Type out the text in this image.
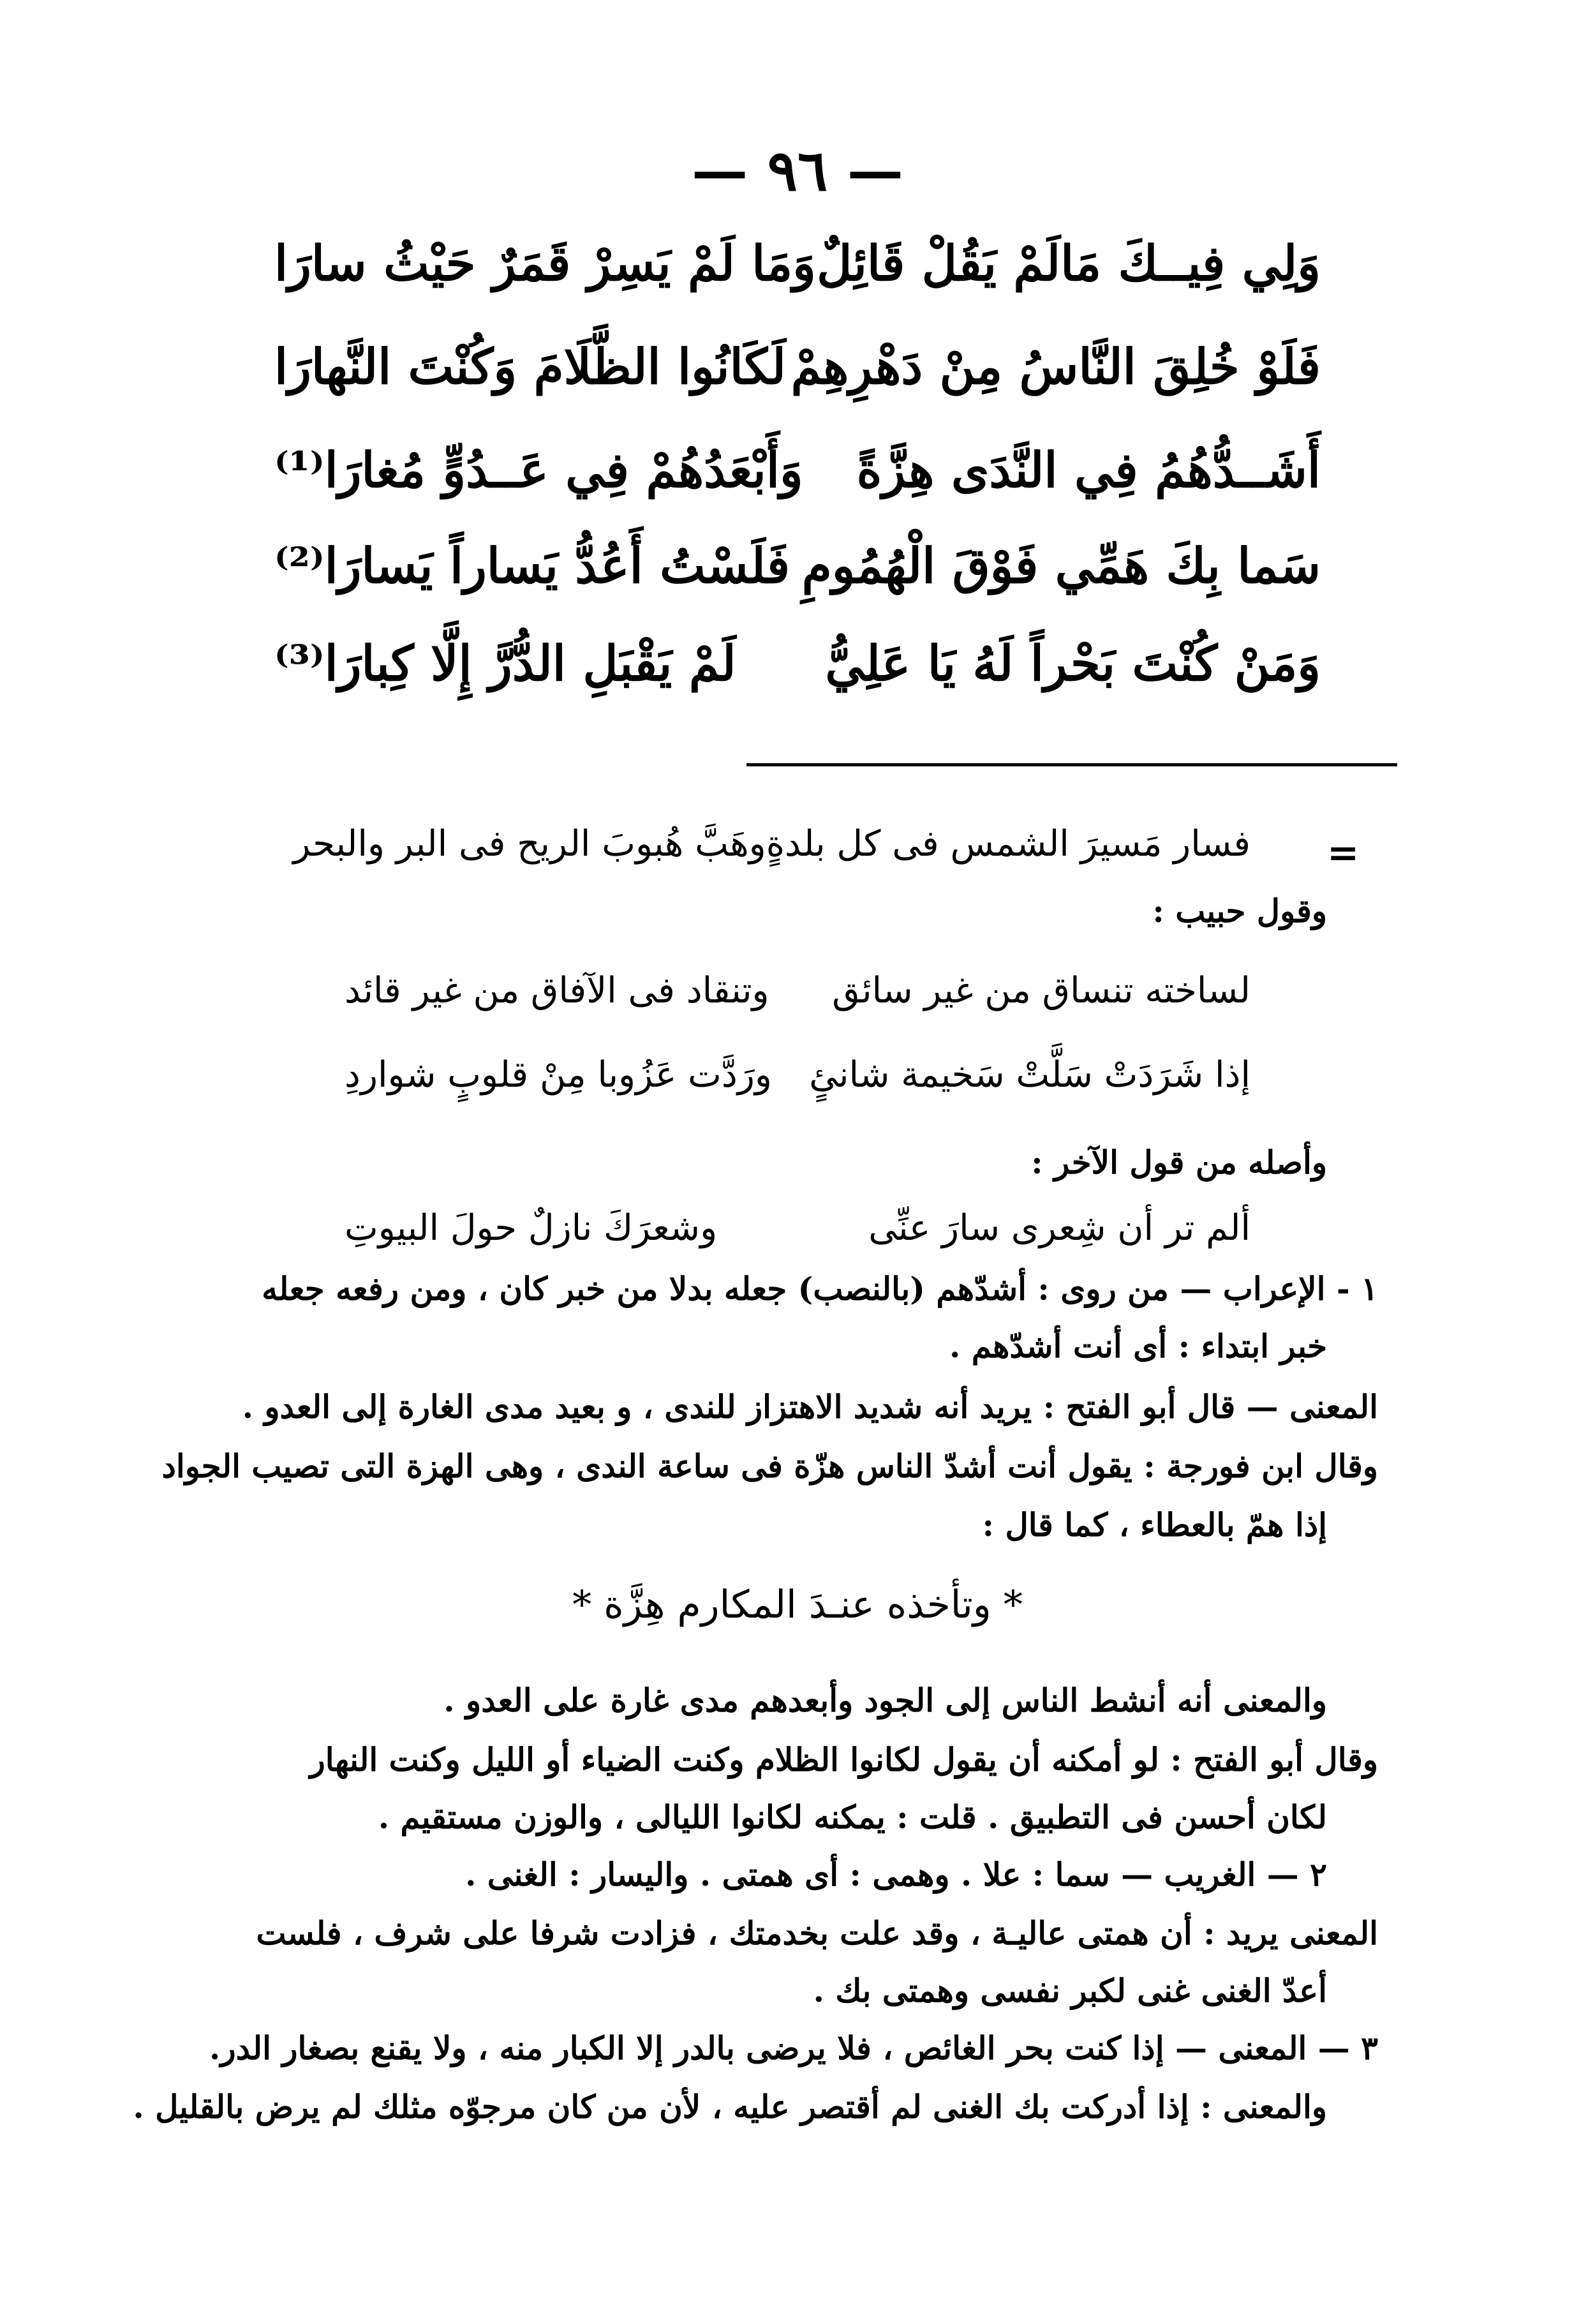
— ٩٦ —
وَلِي فِيــكَ مَالَمْ يَقُلْ قَائِلٌ
وَمَا لَمْ يَسِرْ قَمَرٌ حَيْثُ سارَا
فَلَوْ خُلِقَ النَّاسُ مِنْ دَهْرِهِمْ
لَكَانُوا الظَّلَامَ وَكُنْتَ النَّهارَا
أَشَــدُّهُمُ فِي النَّدَى هِزَّةً
وَأَبْعَدُهُمْ فِي عَــدُوٍّ مُغارَا⁽¹⁾
سَما بِكَ هَمِّي فَوْقَ الْهُمُومِ
فَلَسْتُ أَعُدُّ يَساراً يَسارَا⁽²⁾
وَمَنْ كُنْتَ بَحْراً لَهُ يَا عَلِيُّ
لَمْ يَقْبَلِ الدُّرَّ إِلَّا كِبارَا⁽³⁾
=
فسار مَسيرَ الشمس فى كل بلدةٍ
وهَبَّ هُبوبَ الريح فى البر والبحر
وقول حبيب :
لساخته تنساق من غير سائق
وتنقاد فى الآفاق من غير قائد
إذا شَرَدَتْ سَلَّتْ سَخيمة شانئٍ
ورَدَّت عَزُوبا مِنْ قلوبٍ شواردِ
وأصله من قول الآخر :
ألم تر أن شِعرى سارَ عنِّى
وشعرَكَ نازلٌ حولَ البيوتِ
١ - الإعراب — من روى : أشدّهم (بالنصب) جعله بدلا من خبر كان ، ومن رفعه جعله
خبر ابتداء : أى أنت أشدّهم .
المعنى — قال أبو الفتح : يريد أنه شديد الاهتزاز للندى ، و بعيد مدى الغارة إلى العدو .
وقال ابن فورجة : يقول أنت أشدّ الناس هزّة فى ساعة الندى ، وهى الهزة التى تصيب الجواد
إذا همّ بالعطاء ، كما قال :
* وتأخذه عنـدَ المكارم هِزَّة *
والمعنى أنه أنشط الناس إلى الجود وأبعدهم مدى غارة على العدو .
وقال أبو الفتح : لو أمكنه أن يقول لكانوا الظلام وكنت الضياء أو الليل وكنت النهار
لكان أحسن فى التطبيق . قلت : يمكنه لكانوا الليالى ، والوزن مستقيم .
٢ — الغريب — سما : علا . وهمى : أى همتى . واليسار : الغنى .
المعنى يريد : أن همتى عاليـة ، وقد علت بخدمتك ، فزادت شرفا على شرف ، فلست
أعدّ الغنى غنى لكبر نفسى وهمتى بك .
٣ — المعنى — إذا كنت بحر الغائص ، فلا يرضى بالدر إلا الكبار منه ، ولا يقنع بصغار الدر.
والمعنى : إذا أدركت بك الغنى لم أقتصر عليه ، لأن من كان مرجوّه مثلك لم يرض بالقليل .
